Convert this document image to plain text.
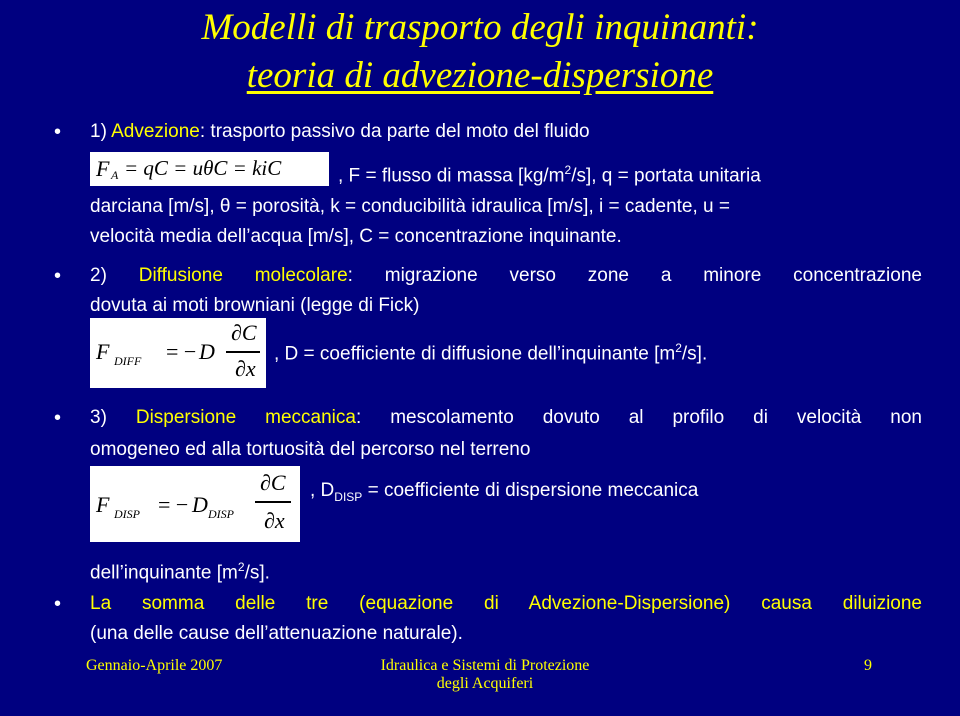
Modelli di trasporto degli inquinanti:
teoria di advezione-dispersione
• 1) Advezione: trasporto passivo da parte del moto del fluido
F A = qC = uθC = kiC	, F = flusso di massa $[kg/m^2/s]$, q = portata unitaria
darciana [m/s], θ = porosità, k = conducibilità idraulica [m/s], i = cadente, u =
velocità media dell’acqua [m/s], C = concentrazione inquinante.
• 2) Diffusione molecolare: migrazione verso zone a minore concentrazione
dovuta ai moti browniani (legge di Fick)
F DIFF = − D
∂C
∂x
, D = coefficiente di diffusione dell’inquinante $[m^2/s]$.
• 3) Dispersione meccanica: mescolamento dovuto al profilo di velocità non
omogeneo ed alla tortuosità del percorso nel terreno
F DISP = − D DISP
∂C
∂x
, $D_{DISP}$ = coefficiente di dispersione meccanica
dell’inquinante $[m^2/s]$.
• La somma delle tre (equazione di Advezione-Dispersione) causa diluizione
(una delle cause dell’attenuazione naturale).
Gennaio-Aprile 2007	Idraulica e Sistemi di Protezione
degli Acquiferi
9
